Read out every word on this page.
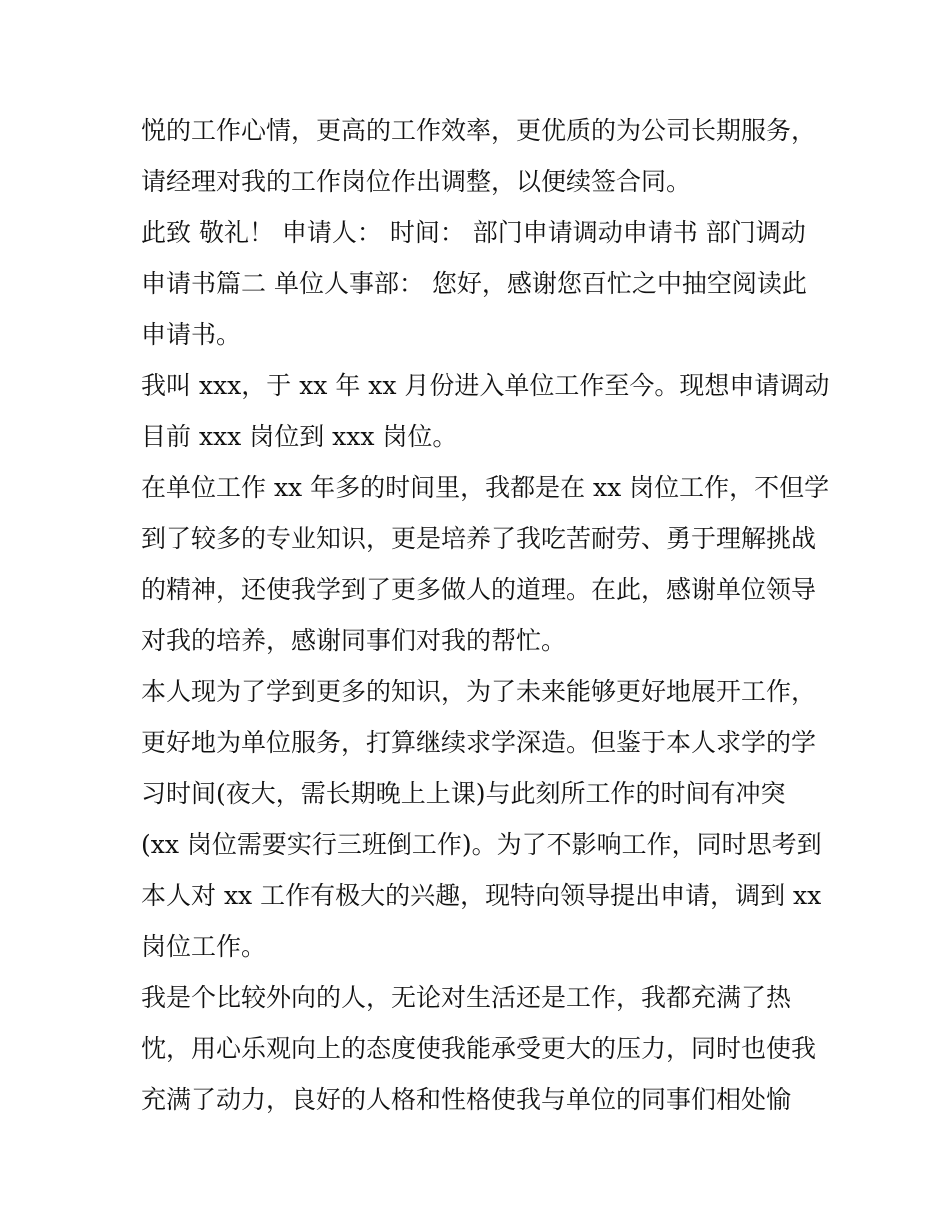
悦的工作心情，更高的工作效率，更优质的为公司长期服务，
请经理对我的工作岗位作出调整，以便续签合同。
此致 敬礼！ 申请人： 时间： 部门申请调动申请书 部门调动
申请书篇二 单位人事部： 您好，感谢您百忙之中抽空阅读此
申请书。
我叫 xxx，于 xx 年 xx 月份进入单位工作至今。现想申请调动
目前 xxx 岗位到 xxx 岗位。
在单位工作 xx 年多的时间里，我都是在 xx 岗位工作，不但学
到了较多的专业知识，更是培养了我吃苦耐劳、勇于理解挑战
的精神，还使我学到了更多做人的道理。在此，感谢单位领导
对我的培养，感谢同事们对我的帮忙。
本人现为了学到更多的知识，为了未来能够更好地展开工作，
更好地为单位服务，打算继续求学深造。但鉴于本人求学的学
习时间(夜大，需长期晚上上课)与此刻所工作的时间有冲突
(xx 岗位需要实行三班倒工作)。为了不影响工作，同时思考到
本人对 xx 工作有极大的兴趣，现特向领导提出申请，调到 xx
岗位工作。
我是个比较外向的人，无论对生活还是工作，我都充满了热
忱，用心乐观向上的态度使我能承受更大的压力，同时也使我
充满了动力，良好的人格和性格使我与单位的同事们相处愉
